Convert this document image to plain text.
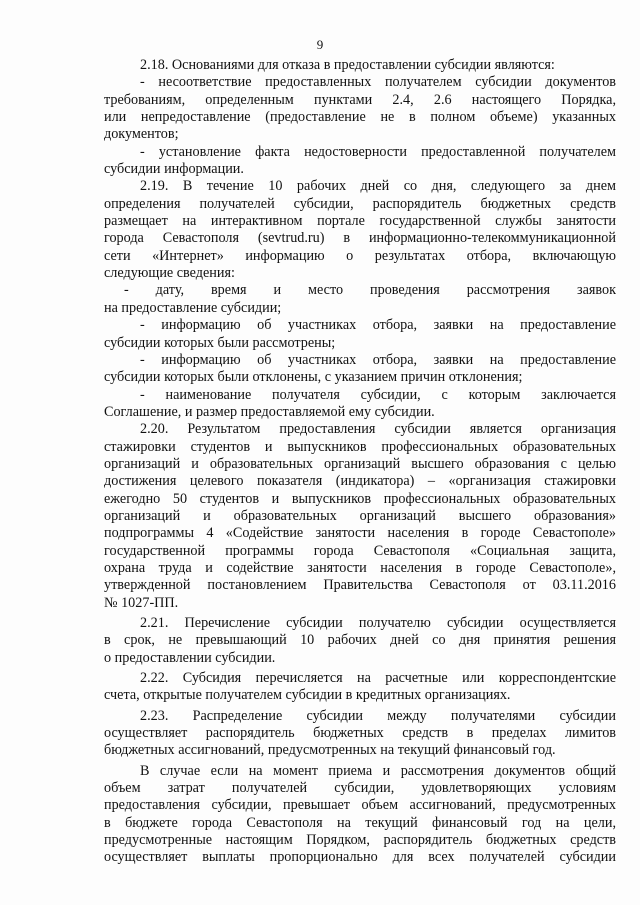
9
2.18. Основаниями для отказа в предоставлении субсидии являются:
- несоответствие предоставленных получателем субсидии документов
требованиям, определенным пунктами 2.4, 2.6 настоящего Порядка,
или непредоставление (предоставление не в полном объеме) указанных
документов;
- установление факта недостоверности предоставленной получателем
субсидии информации.
2.19. В течение 10 рабочих дней со дня, следующего за днем
определения получателей субсидии, распорядитель бюджетных средств
размещает на интерактивном портале государственной службы занятости
города Севастополя (sevtrud.ru) в информационно-телекоммуникационной
сети «Интернет» информацию о результатах отбора, включающую
следующие сведения:
- дату, время и место проведения рассмотрения заявок
на предоставление субсидии;
- информацию об участниках отбора, заявки на предоставление
субсидии которых были рассмотрены;
- информацию об участниках отбора, заявки на предоставление
субсидии которых были отклонены, с указанием причин отклонения;
- наименование получателя субсидии, с которым заключается
Соглашение, и размер предоставляемой ему субсидии.
2.20. Результатом предоставления субсидии является организация
стажировки студентов и выпускников профессиональных образовательных
организаций и образовательных организаций высшего образования с целью
достижения целевого показателя (индикатора) – «организация стажировки
ежегодно 50 студентов и выпускников профессиональных образовательных
организаций и образовательных организаций высшего образования»
подпрограммы 4 «Содействие занятости населения в городе Севастополе»
государственной программы города Севастополя «Социальная защита,
охрана труда и содействие занятости населения в городе Севастополе»,
утвержденной постановлением Правительства Севастополя от 03.11.2016
№ 1027-ПП.
2.21. Перечисление субсидии получателю субсидии осуществляется
в срок, не превышающий 10 рабочих дней со дня принятия решения
о предоставлении субсидии.
2.22. Субсидия перечисляется на расчетные или корреспондентские
счета, открытые получателем субсидии в кредитных организациях.
2.23. Распределение субсидии между получателями субсидии
осуществляет распорядитель бюджетных средств в пределах лимитов
бюджетных ассигнований, предусмотренных на текущий финансовый год.
В случае если на момент приема и рассмотрения документов общий
объем затрат получателей субсидии, удовлетворяющих условиям
предоставления субсидии, превышает объем ассигнований, предусмотренных
в бюджете города Севастополя на текущий финансовый год на цели,
предусмотренные настоящим Порядком, распорядитель бюджетных средств
осуществляет выплаты пропорционально для всех получателей субсидии
